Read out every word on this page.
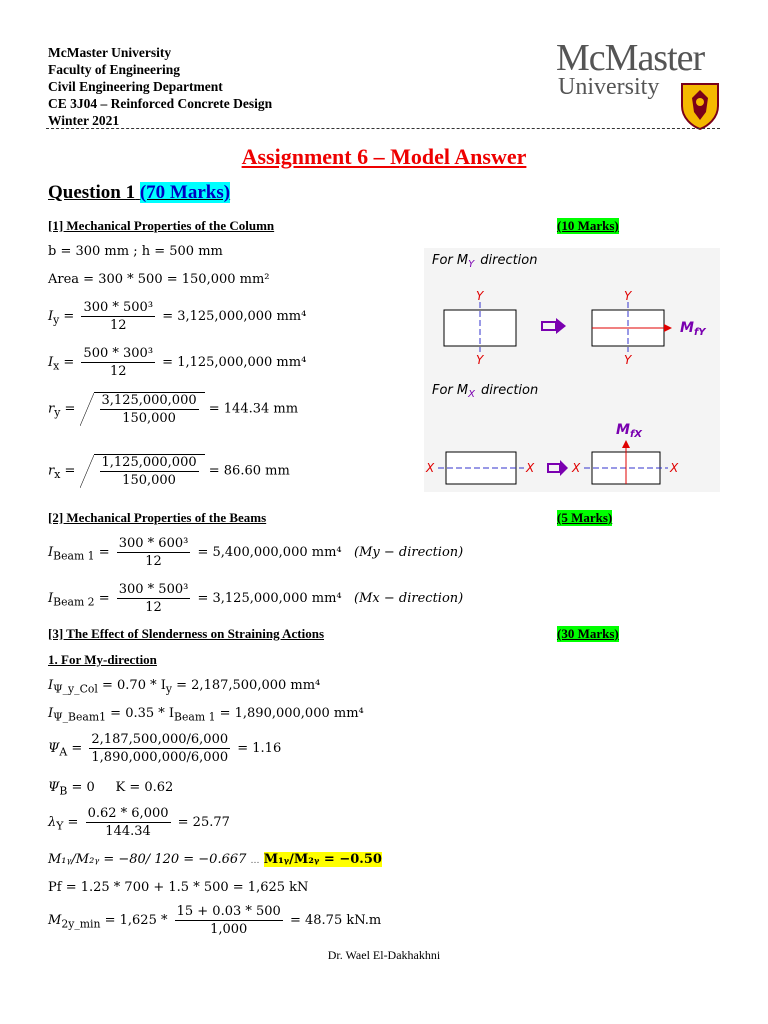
McMaster University
Faculty of Engineering
Civil Engineering Department
CE 3J04 – Reinforced Concrete Design
Winter 2021
McMaster
University
Assignment 6 – Model Answer
Question 1 (70 Marks)
[1] Mechanical Properties of the Column	(10 Marks)
b = 300 mm ; h = 500 mm
Area = 300 * 500 = 150,000 mm²
$I_y = \frac{\text{300 * 500³}}{12} = 3,125,000,000$ mm⁴
$I_x = \frac{\text{500 * 300³}}{12} = 1,125,000,000$ mm⁴
$r_y = \frac{3,125,000,000}{150,000} = 144.34$ mm
$r_x = \frac{1,125,000,000}{150,000} = 86.60$ mm
For $M_Y$ direction
Y
Y
Y
Y
$M_{fY}$
For $M_X$ direction
X	X	X	X
$M_{fX}$
[2] Mechanical Properties of the Beams	(5 Marks)
$I_{Beam 1} = \frac{\text{300 * 600³}}{12} = 5,400,000,000$ mm⁴ (My − direction)
$I_{Beam 2} = \frac{\text{300 * 500³}}{12} = 3,125,000,000$ mm⁴ (Mx − direction)
[3] The Effect of Slenderness on Straining Actions	(30 Marks)
1. For My-direction
$I_{\Psi\_y\_Col} = 0.70 * I_y = 2,187,500,000$ mm⁴
$I_{\Psi\_Beam1} = 0.35 * I_{Beam 1} = 1,890,000,000$ mm⁴
$\Psi_A = \frac{2,187,500,000/6,000}{1,890,000,000/6,000} = 1.16$
$\Psi_B = 0$     K = 0.62
$\lambda_Y = \frac{0.62 * 6,000}{144.34} = 25.77$
M₁ᵧ/M₂ᵧ = −80/ 120 = −0.667 … M₁ᵧ/M₂ᵧ = −0.50
Pf = 1.25 * 700 + 1.5 * 500 = 1,625 kN
$M_{2y\_min} = 1,625 * \frac{15 + 0.03 * 500}{1,000} = 48.75$ kN.m
Dr. Wael El-Dakhakhni
